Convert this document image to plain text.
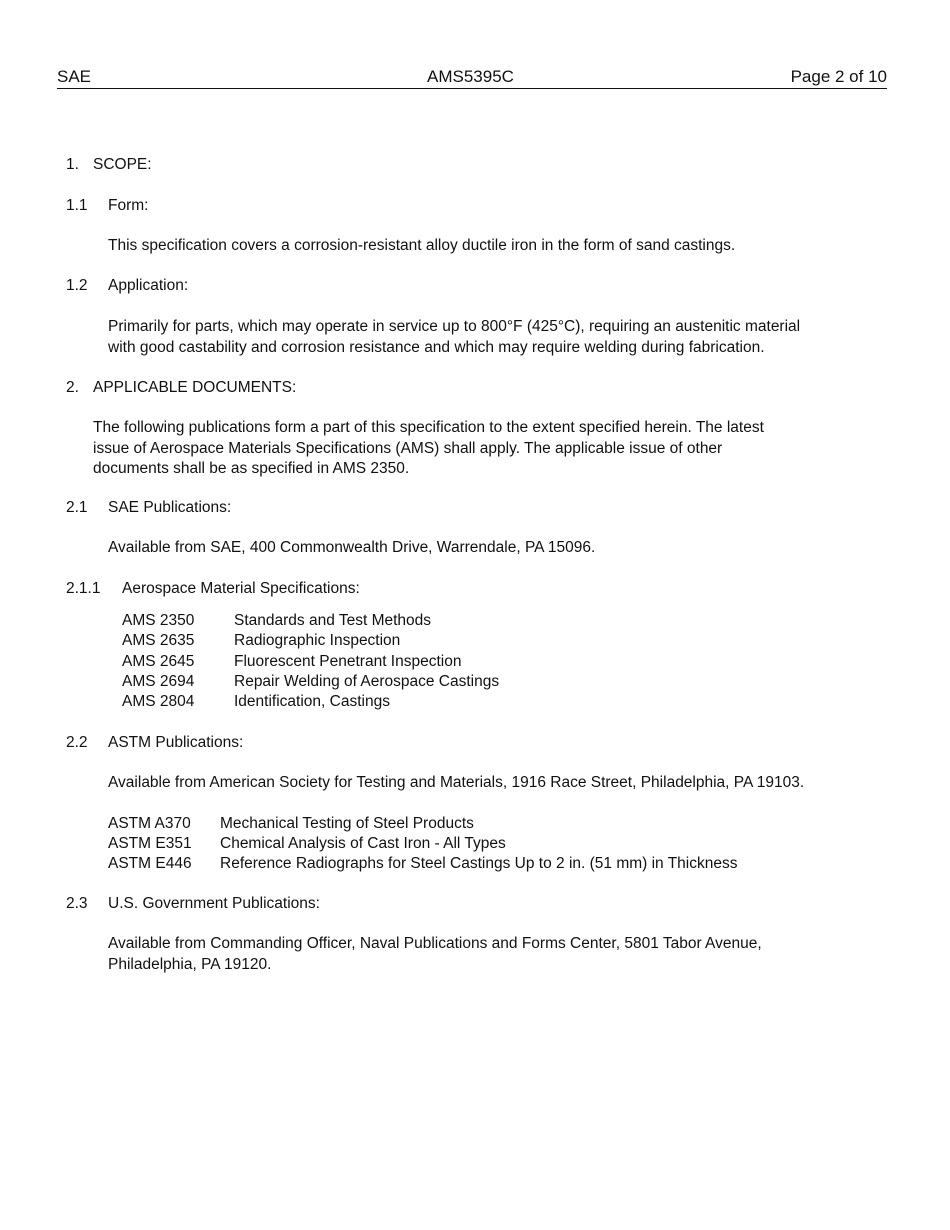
SAE	AMS5395C	Page 2 of 10
1. SCOPE:
1.1 Form:
This specification covers a corrosion-resistant alloy ductile iron in the form of sand castings.
1.2 Application:
Primarily for parts, which may operate in service up to 800°F (425°C), requiring an austenitic material
with good castability and corrosion resistance and which may require welding during fabrication.
2. APPLICABLE DOCUMENTS:
The following publications form a part of this specification to the extent specified herein. The latest
issue of Aerospace Materials Specifications (AMS) shall apply. The applicable issue of other
documents shall be as specified in AMS 2350.
2.1 SAE Publications:
Available from SAE, 400 Commonwealth Drive, Warrendale, PA 15096.
2.1.1 Aerospace Material Specifications:
AMS 2350	Standards and Test Methods
AMS 2635	Radiographic Inspection
AMS 2645	Fluorescent Penetrant Inspection
AMS 2694	Repair Welding of Aerospace Castings
AMS 2804	Identification, Castings
2.2 ASTM Publications:
Available from American Society for Testing and Materials, 1916 Race Street, Philadelphia, PA 19103.
ASTM A370 Mechanical Testing of Steel Products
ASTM E351 Chemical Analysis of Cast Iron - All Types
ASTM E446 Reference Radiographs for Steel Castings Up to 2 in. (51 mm) in Thickness
2.3 U.S. Government Publications:
Available from Commanding Officer, Naval Publications and Forms Center, 5801 Tabor Avenue,
Philadelphia, PA 19120.
